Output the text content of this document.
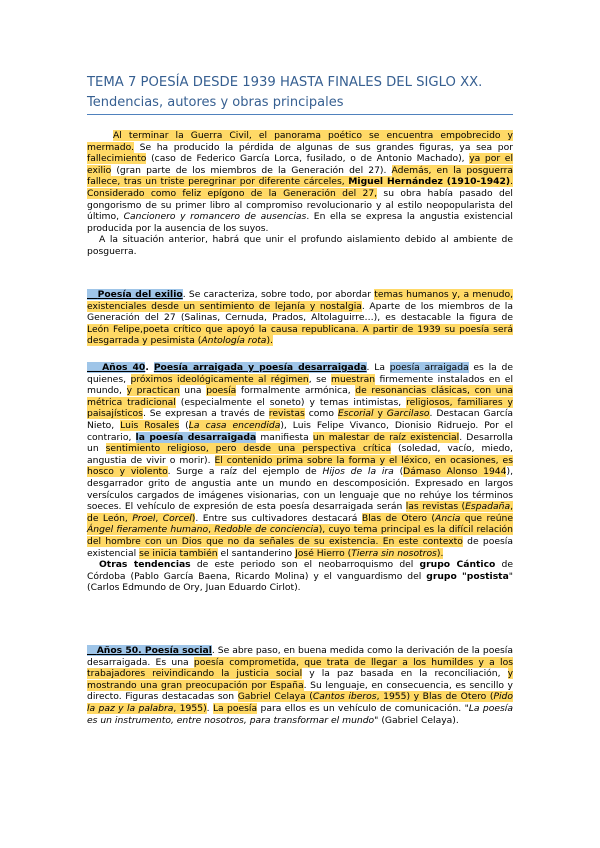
TEMA 7 POESÍA DESDE 1939 HASTA FINALES DEL SIGLO XX.
Tendencias, autores y obras principales

Al terminar la Guerra Civil, el panorama poético se encuentra empobrecido y mermado. Se ha producido la pérdida de algunas de sus grandes figuras, ya sea por fallecimiento (caso de Federico García Lorca, fusilado, o de Antonio Machado), ya por el exilio (gran parte de los miembros de la Generación del 27). Además, en la posguerra fallece, tras un triste peregrinar por diferente cárceles, Miguel Hernández (1910-1942). Considerado como feliz epígono de la Generación del 27, su obra había pasado del gongorismo de su primer libro al compromiso revolucionario y al estilo neopopularista del último, Cancionero y romancero de ausencias. En ella se expresa la angustia existencial producida por la ausencia de los suyos.

A la situación anterior, habrá que unir el profundo aislamiento debido al ambiente de posguerra.

Poesía del exilio. Se caracteriza, sobre todo, por abordar temas humanos y, a menudo, existenciales desde un sentimiento de lejanía y nostalgia. Aparte de los miembros de la Generación del 27 (Salinas, Cernuda, Prados, Altolaguirre…), es destacable la figura de León Felipe,poeta crítico que apoyó la causa republicana. A partir de 1939 su poesía será desgarrada y pesimista (Antología rota).

Años 40. Poesía arraigada y poesía desarraigada. La poesía arraigada es la de quienes, próximos ideológicamente al régimen, se muestran firmemente instalados en el mundo, y practican una poesía formalmente armónica, de resonancias clásicas, con una métrica tradicional (especialmente el soneto) y temas intimistas, religiosos, familiares y paisajísticos. Se expresan a través de revistas como Escorial y Garcilaso. Destacan García Nieto, Luis Rosales (La casa encendida), Luis Felipe Vivanco, Dionisio Ridruejo. Por el contrario, la poesía desarraigada manifiesta un malestar de raíz existencial. Desarrolla un sentimiento religioso, pero desde una perspectiva crítica (soledad, vacío, miedo, angustia de vivir o morir). El contenido prima sobre la forma y el léxico, en ocasiones, es hosco y violento. Surge a raíz del ejemplo de Hijos de la ira (Dámaso Alonso 1944), desgarrador grito de angustia ante un mundo en descomposición. Expresado en largos versículos cargados de imágenes visionarias, con un lenguaje que no rehúye los términos soeces. El vehículo de expresión de esta poesía desarraigada serán las revistas (Espadaña, de León, Proel, Corcel). Entre sus cultivadores destacará Blas de Otero (Ancia que reúne Ángel fieramente humano, Redoble de conciencia), cuyo tema principal es la difícil relación del hombre con un Dios que no da señales de su existencia. En este contexto de poesía existencial se inicia también el santanderino José Hierro (Tierra sin nosotros).

Otras tendencias de este periodo son el neobarroquismo del grupo Cántico de Córdoba (Pablo García Baena, Ricardo Molina) y el vanguardismo del grupo "postista" (Carlos Edmundo de Ory, Juan Eduardo Cirlot).

Años 50. Poesía social. Se abre paso, en buena medida como la derivación de la poesía desarraigada. Es una poesía comprometida, que trata de llegar a los humildes y a los trabajadores reivindicando la justicia social y la paz basada en la reconciliación, y mostrando una gran preocupación por España. Su lenguaje, en consecuencia, es sencillo y directo. Figuras destacadas son Gabriel Celaya (Cantos iberos, 1955) y Blas de Otero (Pido la paz y la palabra, 1955). La poesía para ellos es un vehículo de comunicación. "La poesía es un instrumento, entre nosotros, para transformar el mundo" (Gabriel Celaya).
